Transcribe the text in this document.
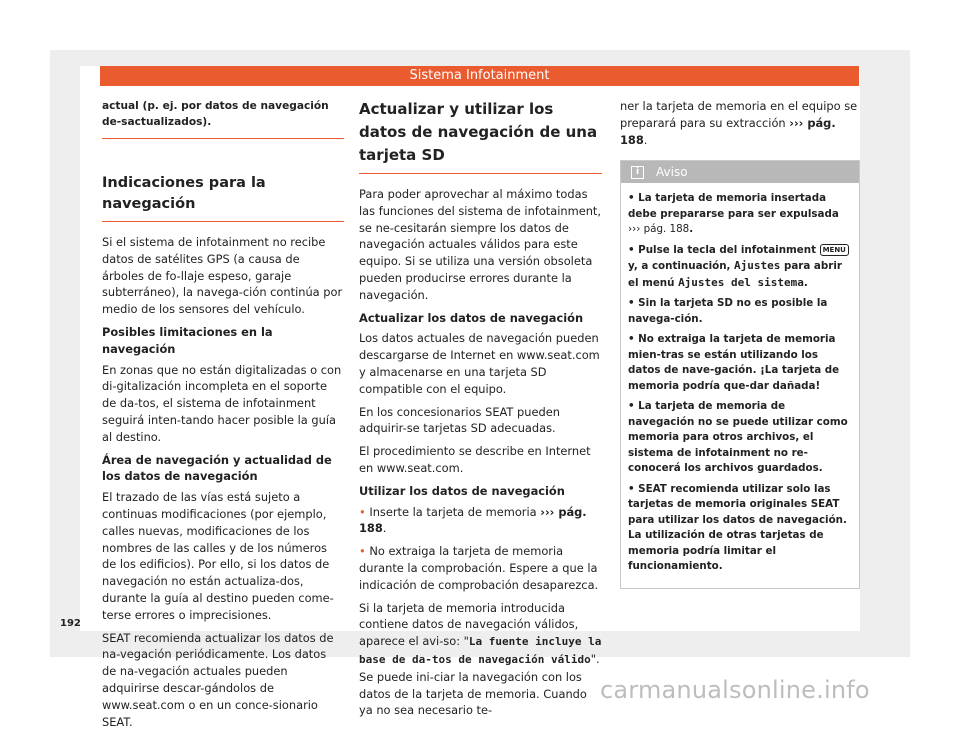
Sistema Infotainment

actual (p. ej. por datos de navegación de-sactualizados).

Indicaciones para la navegación

Si el sistema de infotainment no recibe datos de satélites GPS (a causa de árboles de fo-llaje espeso, garaje subterráneo), la navega-ción continúa por medio de los sensores del vehículo.

Posibles limitaciones en la navegación

En zonas que no están digitalizadas o con di-gitalización incompleta en el soporte de da-tos, el sistema de infotainment seguirá inten-tando hacer posible la guía al destino.

Área de navegación y actualidad de los datos de navegación

El trazado de las vías está sujeto a continuas modificaciones (por ejemplo, calles nuevas, modificaciones de los nombres de las calles y de los números de los edificios). Por ello, si los datos de navegación no están actualiza-dos, durante la guía al destino pueden come-terse errores o imprecisiones.

SEAT recomienda actualizar los datos de na-vegación periódicamente. Los datos de na-vegación actuales pueden adquirirse descar-gándolos de www.seat.com o en un conce-sionario SEAT.

Actualizar y utilizar los datos de navegación de una tarjeta SD

Para poder aprovechar al máximo todas las funciones del sistema de infotainment, se ne-cesitarán siempre los datos de navegación actuales válidos para este equipo. Si se utiliza una versión obsoleta pueden producirse errores durante la navegación.

Actualizar los datos de navegación

Los datos actuales de navegación pueden descargarse de Internet en www.seat.com y almacenarse en una tarjeta SD compatible con el equipo.

En los concesionarios SEAT pueden adquirir-se tarjetas SD adecuadas.

El procedimiento se describe en Internet en www.seat.com.

Utilizar los datos de navegación

• Inserte la tarjeta de memoria ››› pág. 188.

• No extraiga la tarjeta de memoria durante la comprobación. Espere a que la indicación de comprobación desaparezca.

Si la tarjeta de memoria introducida contiene datos de navegación válidos, aparece el avi-so: "La fuente incluye la base de da-tos de navegación válido". Se puede ini-ciar la navegación con los datos de la tarjeta de memoria. Cuando ya no sea necesario te-

ner la tarjeta de memoria en el equipo se preparará para su extracción ››› pág. 188.

i	Aviso

• La tarjeta de memoria insertada debe prepararse para ser expulsada ››› pág. 188.

• Pulse la tecla del infotainment MENU y, a continuación, Ajustes para abrir el menú Ajustes del sistema.

• Sin la tarjeta SD no es posible la navega-ción.

• No extraiga la tarjeta de memoria mien-tras se están utilizando los datos de nave-gación. ¡La tarjeta de memoria podría que-dar dañada!

• La tarjeta de memoria de navegación no se puede utilizar como memoria para otros archivos, el sistema de infotainment no re-conocerá los archivos guardados.

• SEAT recomienda utilizar solo las tarjetas de memoria originales SEAT para utilizar los datos de navegación. La utilización de otras tarjetas de memoria podría limitar el funcionamiento.

192
carmanualsonline.info
